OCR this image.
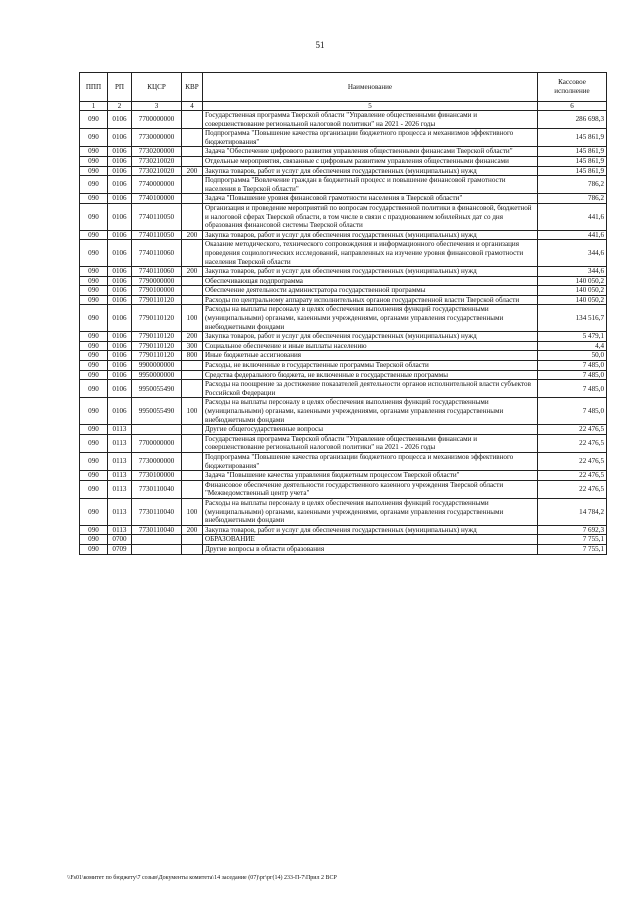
51
ППП	РП	КЦСР	КВР	Наименование	Кассовое исполнение
1	2	3	4	5	6
090	0106	7700000000		Государственная программа Тверской области "Управление общественными финансами и совершенствование региональной налоговой политики" на 2021 - 2026 годы	286 698,3
090	0106	7730000000		Подпрограмма "Повышение качества организации бюджетного процесса и механизмов эффективного бюджетирования"	145 861,9
090	0106	7730200000		Задача "Обеспечение цифрового развития управления общественными финансами Тверской области"	145 861,9
090	0106	7730210020		Отдельные мероприятия, связанные с цифровым развитием управления общественными финансами	145 861,9
090	0106	7730210020	200	Закупка товаров, работ и услуг для обеспечения государственных (муниципальных) нужд	145 861,9
090	0106	7740000000		Подпрограмма "Вовлечение граждан в бюджетный процесс и повышение финансовой грамотности населения в Тверской области"	786,2
090	0106	7740100000		Задача "Повышение уровня финансовой грамотности населения в Тверской области"	786,2
090	0106	7740110050		Организация и проведение мероприятий по вопросам государственной политики в финансовой, бюджетной и налоговой сферах Тверской области, в том числе в связи с празднованием юбилейных дат со дня образования финансовой системы Тверской области	441,6
090	0106	7740110050	200	Закупка товаров, работ и услуг для обеспечения государственных (муниципальных) нужд	441,6
090	0106	7740110060		Оказание методического, технического сопровождения и информационного обеспечения и организация проведения социологических исследований, направленных на изучение уровня финансовой грамотности населения Тверской области	344,6
090	0106	7740110060	200	Закупка товаров, работ и услуг для обеспечения государственных (муниципальных) нужд	344,6
090	0106	7790000000		Обеспечивающая подпрограмма	140 050,2
090	0106	7790100000		Обеспечение деятельности администратора государственной программы	140 050,2
090	0106	7790110120		Расходы по центральному аппарату исполнительных органов государственной власти Тверской области	140 050,2
090	0106	7790110120	100	Расходы на выплаты персоналу в целях обеспечения выполнения функций государственными (муниципальными) органами, казенными учреждениями, органами управления государственными внебюджетными фондами	134 516,7
090	0106	7790110120	200	Закупка товаров, работ и услуг для обеспечения государственных (муниципальных) нужд	5 479,1
090	0106	7790110120	300	Социальное обеспечение и иные выплаты населению	4,4
090	0106	7790110120	800	Иные бюджетные ассигнования	50,0
090	0106	9900000000		Расходы, не включенные в государственные программы Тверской области	7 485,0
090	0106	9950000000		Средства федерального бюджета, не включенные в государственные программы	7 485,0
090	0106	9950055490		Расходы на поощрение за достижение показателей деятельности органов исполнительной власти субъектов Российской Федерации	7 485,0
090	0106	9950055490	100	Расходы на выплаты персоналу в целях обеспечения выполнения функций государственными (муниципальными) органами, казенными учреждениями, органами управления государственными внебюджетными фондами	7 485,0
090	0113			Другие общегосударственные вопросы	22 476,5
090	0113	7700000000		Государственная программа Тверской области "Управление общественными финансами и совершенствование региональной налоговой политики" на 2021 - 2026 годы	22 476,5
090	0113	7730000000		Подпрограмма "Повышение качества организации бюджетного процесса и механизмов эффективного бюджетирования"	22 476,5
090	0113	7730100000		Задача "Повышение качества управления бюджетным процессом Тверской области"	22 476,5
090	0113	7730110040		Финансовое обеспечение деятельности государственного казенного учреждения Тверской области "Межведомственный центр учета"	22 476,5
090	0113	7730110040	100	Расходы на выплаты персоналу в целях обеспечения выполнения функций государственными (муниципальными) органами, казенными учреждениями, органами управления государственными внебюджетными фондами	14 784,2
090	0113	7730110040	200	Закупка товаров, работ и услуг для обеспечения государственных (муниципальных) нужд	7 692,3
090	0700			ОБРАЗОВАНИЕ	7 755,1
090	0709			Другие вопросы в области образования	7 755,1
\\Fs01\комитет по бюджету\7 созыв\Документы комитета\14 заседание (07)\рг\рг(14) 233-П-7\Прил 2 ВСР
